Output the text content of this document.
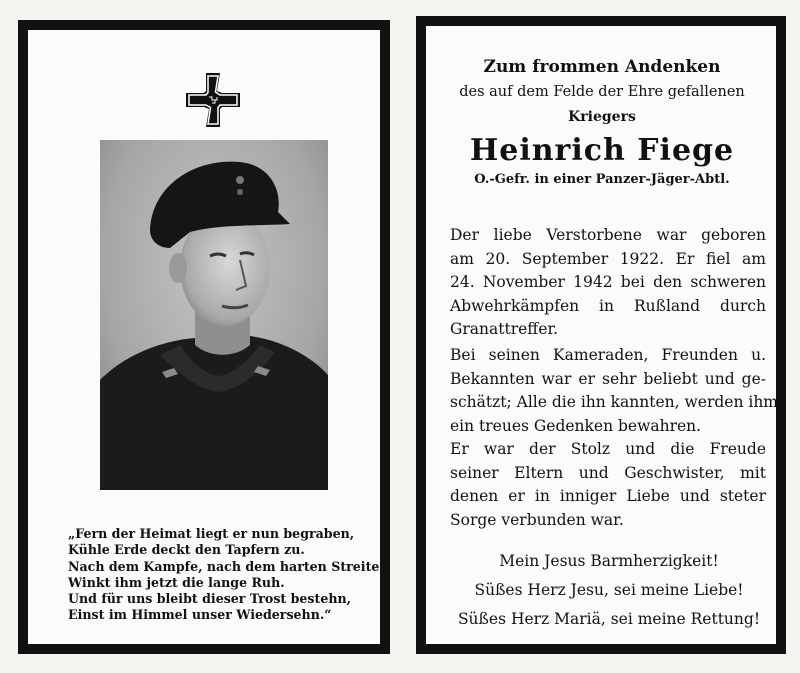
„Fern der Heimat liegt er nun begraben,
Kühle Erde deckt den Tapfern zu.
Nach dem Kampfe, nach dem harten Streite
Winkt ihm jetzt die lange Ruh.
Und für uns bleibt dieser Trost bestehn,
Einst im Himmel unser Wiedersehn.“
Zum frommen Andenken
des auf dem Felde der Ehre gefallenen
Kriegers
Heinrich Fiege
O.-Gefr. in einer Panzer-Jäger-Abtl.
Der liebe Verstorbene war geboren
am 20. September 1922. Er fiel am
24. November 1942 bei den schweren
Abwehrkämpfen in Rußland durch
Granattreffer.
Bei seinen Kameraden, Freunden u.
Bekannten war er sehr beliebt und ge-
schätzt; Alle die ihn kannten, werden ihm
ein treues Gedenken bewahren.
Er war der Stolz und die Freude
seiner Eltern und Geschwister, mit
denen er in inniger Liebe und steter
Sorge verbunden war.
Mein Jesus Barmherzigkeit!
Süßes Herz Jesu, sei meine Liebe!
Süßes Herz Mariä, sei meine Rettung!
